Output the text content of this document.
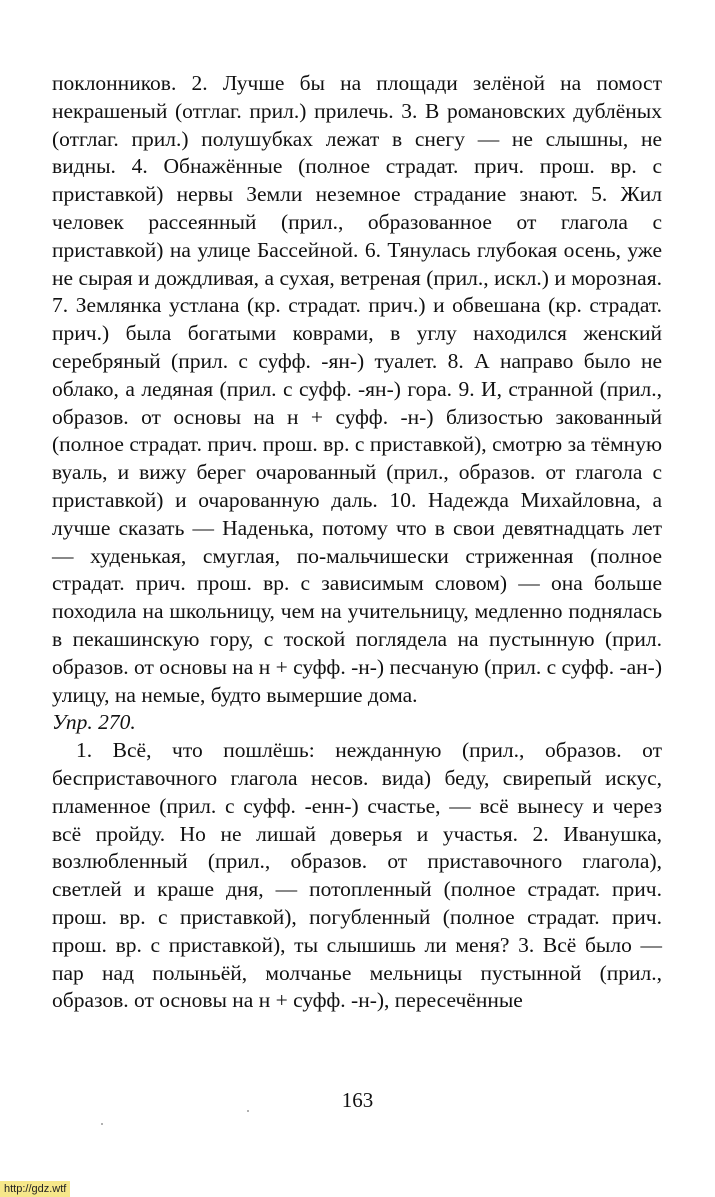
поклонников. 2. Лучше бы на площади зелёной на помост некрашеный (отглаг. прил.) прилечь. 3. В романовских дублёных (отглаг. прил.) полушубках лежат в снегу — не слышны, не видны. 4. Обнажённые (полное страдат. прич. прош. вр. с приставкой) нервы Земли неземное страдание знают. 5. Жил человек рассеянный (прил., образованное от глагола с приставкой) на улице Бассейной. 6. Тянулась глубокая осень, уже не сырая и дождливая, а сухая, ветреная (прил., искл.) и морозная. 7. Землянка устлана (кр. страдат. прич.) и обвешана (кр. страдат. прич.) была богатыми коврами, в углу находился женский серебряный (прил. с суфф. -ян-) туалет. 8. А направо было не облако, а ледяная (прил. с суфф. -ян-) гора. 9. И, странной (прил., образов. от основы на н + суфф. -н-) близостью закованный (полное страдат. прич. прош. вр. с приставкой), смотрю за тёмную вуаль, и вижу берег очарованный (прил., образов. от глагола с приставкой) и очарованную даль. 10. Надежда Михайловна, а лучше сказать — Наденька, потому что в свои девятнадцать лет — худенькая, смуглая, по-мальчишески стриженная (полное страдат. прич. прош. вр. с зависимым словом) — она больше походила на школьницу, чем на учительницу, медленно поднялась в пекашинскую гору, с тоской поглядела на пустынную (прил. образов. от основы на н + суфф. -н-) песчаную (прил. с суфф. -ан-) улицу, на немые, будто вымершие дома.

Упр. 270.

1. Всё, что пошлёшь: нежданную (прил., образов. от бесприставочного глагола несов. вида) беду, свирепый искус, пламенное (прил. с суфф. -енн-) счастье, — всё вынесу и через всё пройду. Но не лишай доверья и участья. 2. Иванушка, возлюбленный (прил., образов. от приставочного глагола), светлей и краше дня, — потопленный (полное страдат. прич. прош. вр. с приставкой), погубленный (полное страдат. прич. прош. вр. с приставкой), ты слышишь ли меня? 3. Всё было — пар над полыньёй, молчанье мельницы пустынной (прил., образов. от основы на н + суфф. -н-), пересечённые

163
http://gdz.wtf
